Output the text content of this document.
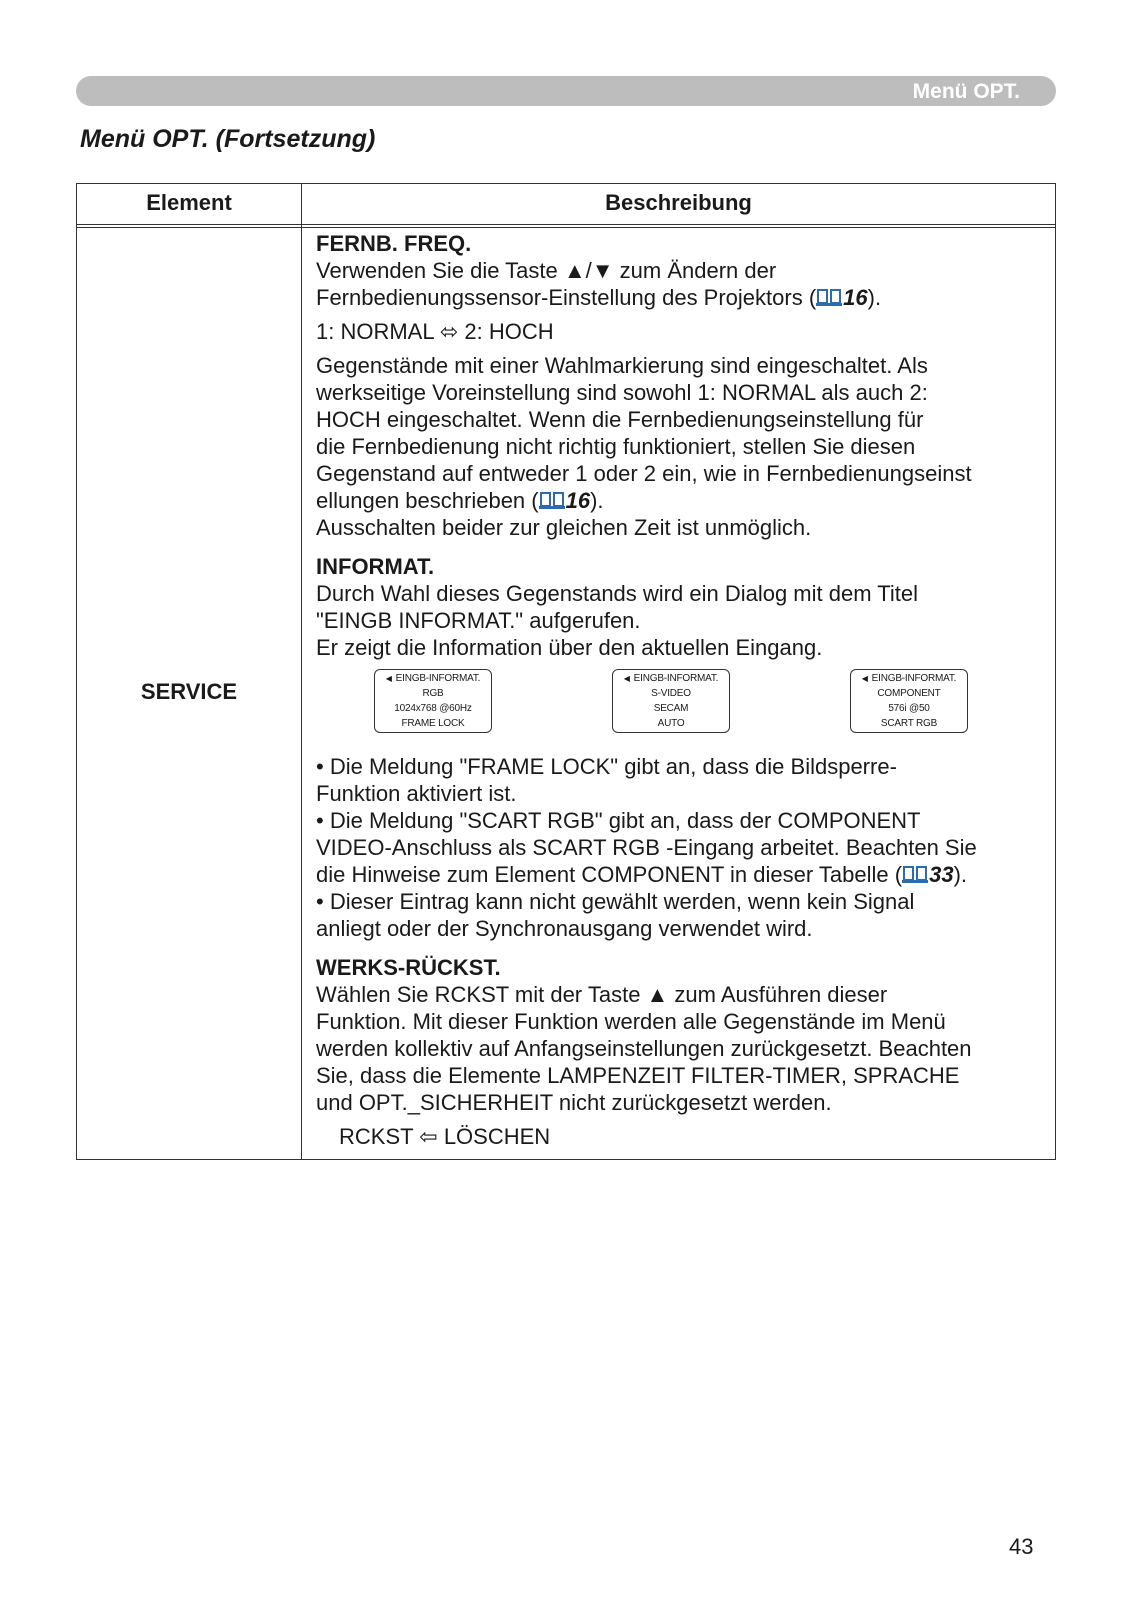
Menü OPT.
Menü OPT. (Fortsetzung)
Element	Beschreibung
SERVICE
FERNB. FREQ.
Verwenden Sie die Taste ▲/▼ zum Ändern der
Fernbedienungssensor-Einstellung des Projektors ( 16).
1: NORMAL ⬄ 2: HOCH
Gegenstände mit einer Wahlmarkierung sind eingeschaltet. Als
werkseitige Voreinstellung sind sowohl 1: NORMAL als auch 2:
HOCH eingeschaltet. Wenn die Fernbedienungseinstellung für
die Fernbedienung nicht richtig funktioniert, stellen Sie diesen
Gegenstand auf entweder 1 oder 2 ein, wie in Fernbedienungseinst
ellungen beschrieben ( 16).
Ausschalten beider zur gleichen Zeit ist unmöglich.
INFORMAT.
Durch Wahl dieses Gegenstands wird ein Dialog mit dem Titel
"EINGB INFORMAT." aufgerufen.
Er zeigt die Information über den aktuellen Eingang.
◀ EINGB-INFORMAT.
RGB
1024x768 @60Hz
FRAME LOCK
◀ EINGB-INFORMAT.
S-VIDEO
SECAM
AUTO
◀ EINGB-INFORMAT.
COMPONENT
576i @50
SCART RGB
• Die Meldung "FRAME LOCK" gibt an, dass die Bildsperre-
Funktion aktiviert ist.
• Die Meldung "SCART RGB" gibt an, dass der COMPONENT
VIDEO-Anschluss als SCART RGB -Eingang arbeitet. Beachten Sie
die Hinweise zum Element COMPONENT in dieser Tabelle ( 33).
• Dieser Eintrag kann nicht gewählt werden, wenn kein Signal
anliegt oder der Synchronausgang verwendet wird.
WERKS-RÜCKST.
Wählen Sie RCKST mit der Taste ▲ zum Ausführen dieser
Funktion. Mit dieser Funktion werden alle Gegenstände im Menü
werden kollektiv auf Anfangseinstellungen zurückgesetzt. Beachten
Sie, dass die Elemente LAMPENZEIT FILTER-TIMER, SPRACHE
und OPT._SICHERHEIT nicht zurückgesetzt werden.
RCKST ⇦ LÖSCHEN
43
